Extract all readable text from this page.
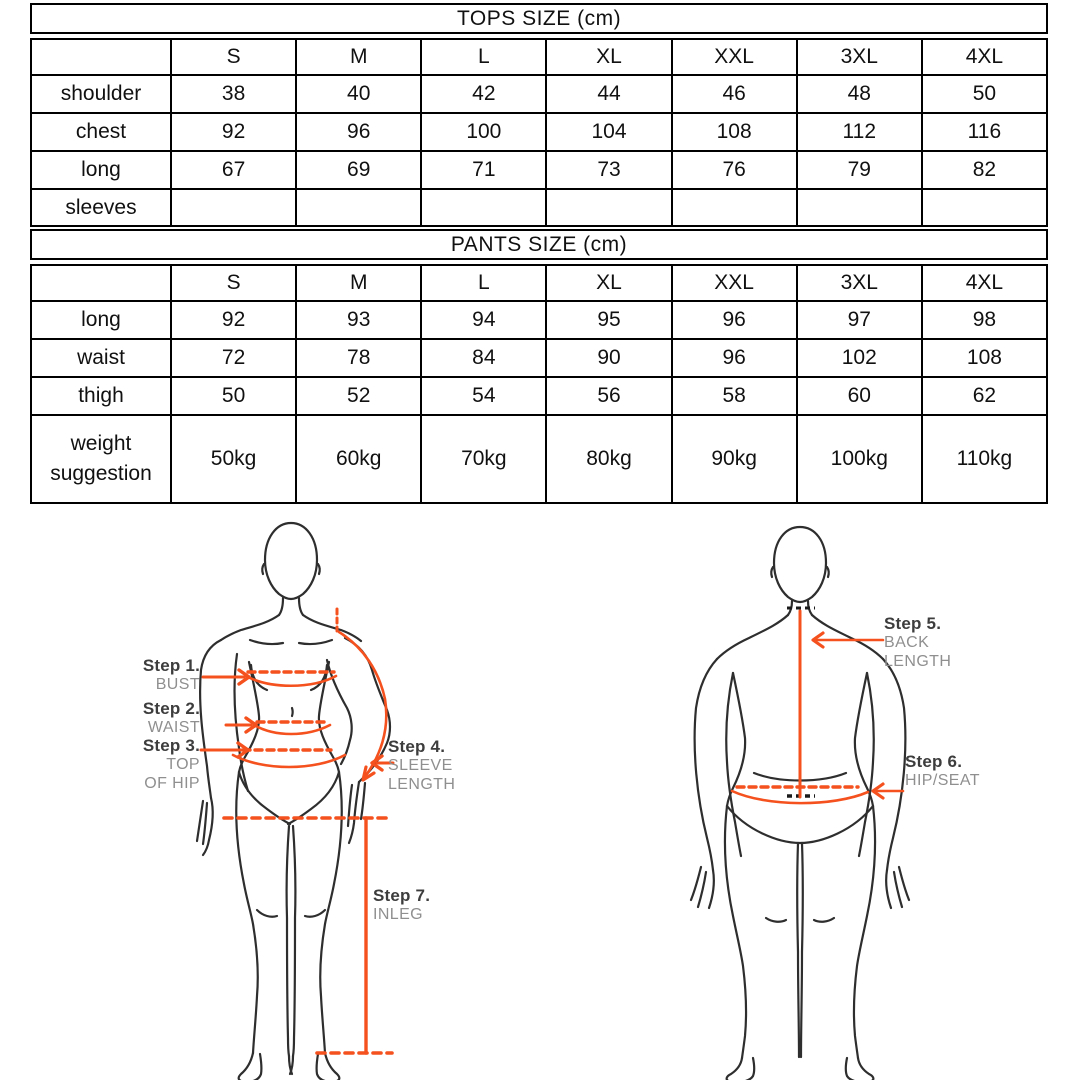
TOPS SIZE (cm)
	S	M	L	XL	XXL	3XL	4XL
shoulder	38	40	42	44	46	48	50
chest	92	96	100	104	108	112	116
long	67	69	71	73	76	79	82
sleeves							
PANTS SIZE (cm)
	S	M	L	XL	XXL	3XL	4XL
long	92	93	94	95	96	97	98
waist	72	78	84	90	96	102	108
thigh	50	52	54	56	58	60	62
weight suggestion	50kg	60kg	70kg	80kg	90kg	100kg	110kg
Step 1.
BUST
Step 2.
WAIST
Step 3.
TOP
OF HIP
Step 4.
SLEEVE
LENGTH
Step 5.
BACK
LENGTH
Step 6.
HIP/SEAT
Step 7.
INLEG
